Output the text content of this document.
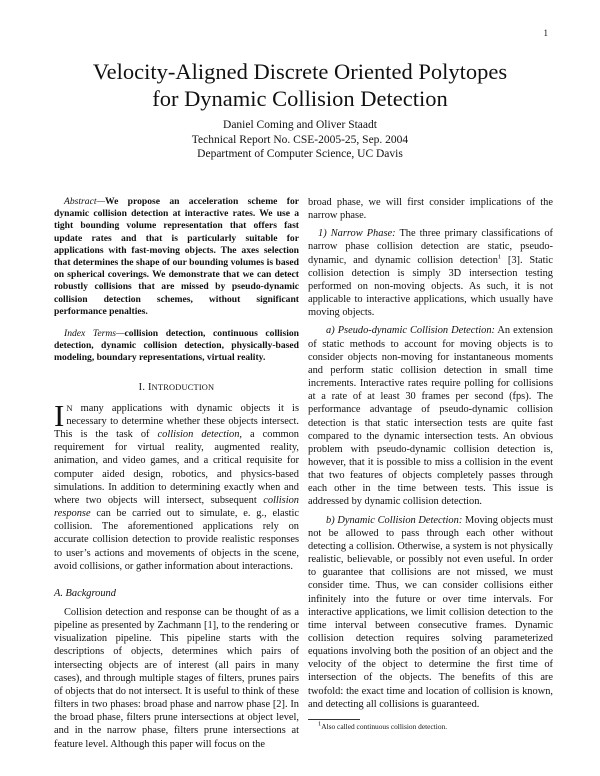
1
Velocity-Aligned Discrete Oriented Polytopes
for Dynamic Collision Detection
Daniel Coming and Oliver Staadt
Technical Report No. CSE-2005-25, Sep. 2004
Department of Computer Science, UC Davis

Abstract—We propose an acceleration scheme for dynamic collision detection at interactive rates. We use a tight bounding volume representation that offers fast update rates and that is particularly suitable for applications with fast-moving objects. The axes selection that determines the shape of our bounding volumes is based on spherical coverings. We demonstrate that we can detect robustly collisions that are missed by pseudo-dynamic collision detection schemes, without significant performance penalties.

Index Terms—collision detection, continuous collision detection, dynamic collision detection, physically-based modeling, boundary representations, virtual reality.

I. INTRODUCTION

I N many applications with dynamic objects it is necessary to determine whether these objects intersect. This is the task of collision detection, a common requirement for virtual reality, augmented reality, animation, and video games, and a critical requisite for computer aided design, robotics, and physics-based simulations. In addition to determining exactly when and where two objects will intersect, subsequent collision response can be carried out to simulate, e. g., elastic collision. The aforementioned applications rely on accurate collision detection to provide realistic responses to user’s actions and movements of objects in the scene, avoid collisions, or gather information about interactions.

A. Background

Collision detection and response can be thought of as a pipeline as presented by Zachmann [1], to the rendering or visualization pipeline. This pipeline starts with the descriptions of objects, determines which pairs of intersecting objects are of interest (all pairs in many cases), and through multiple stages of filters, prunes pairs of objects that do not intersect. It is useful to think of these filters in two phases: broad phase and narrow phase [2]. In the broad phase, filters prune intersections at object level, and in the narrow phase, filters prune intersections at feature level. Although this paper will focus on the

broad phase, we will first consider implications of the narrow phase.

1) Narrow Phase: The three primary classifications of narrow phase collision detection are static, pseudo-dynamic, and dynamic collision detection$^1$ [3]. Static collision detection is simply 3D intersection testing performed on non-moving objects. As such, it is not applicable to interactive applications, which usually have moving objects.

a) Pseudo-dynamic Collision Detection: An extension of static methods to account for moving objects is to consider objects non-moving for instantaneous moments and perform static collision detection in small time increments. Interactive rates require polling for collisions at a rate of at least 30 frames per second (fps). The performance advantage of pseudo-dynamic collision detection is that static intersection tests are quite fast compared to the dynamic intersection tests. An obvious problem with pseudo-dynamic collision detection is, however, that it is possible to miss a collision in the event that two features of objects completely passes through each other in the time between tests. This issue is addressed by dynamic collision detection.

b) Dynamic Collision Detection: Moving objects must not be allowed to pass through each other without detecting a collision. Otherwise, a system is not physically realistic, believable, or possibly not even useful. In order to guarantee that collisions are not missed, we must consider time. Thus, we can consider collisions either infinitely into the future or over time intervals. For interactive applications, we limit collision detection to the time interval between consecutive frames. Dynamic collision detection requires solving parameterized equations involving both the position of an object and the velocity of the object to determine the first time of intersection of the objects. The benefits of this are twofold: the exact time and location of collision is known, and detecting all collisions is guaranteed.

$^1$Also called continuous collision detection.
